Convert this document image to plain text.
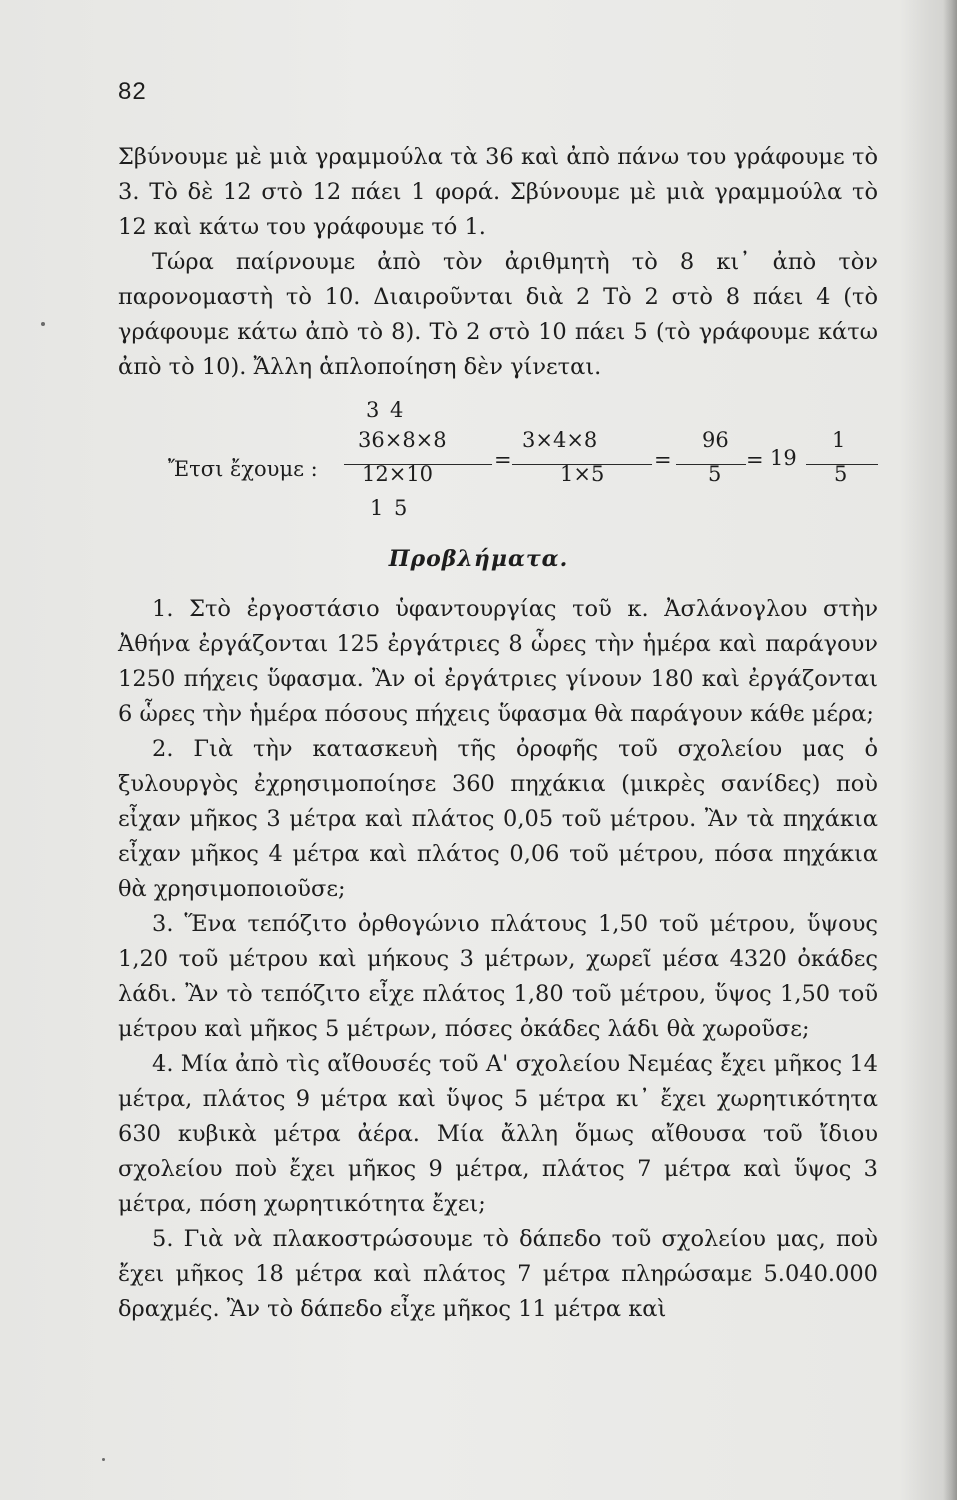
82

Σβύνουμε μὲ μιὰ γραμμούλα τὰ 36 καὶ ἀπὸ πάνω του γράφουμε τὸ 3. Τὸ δὲ 12 στὸ 12 πάει 1 φορά. Σβύνουμε μὲ μιὰ γραμμούλα τὸ 12 καὶ κάτω του γράφουμε τό 1.

Τώρα παίρνουμε ἀπὸ τὸν ἀριθμητὴ τὸ 8 κι᾽ ἀπὸ τὸν παρονομαστὴ τὸ 10. Διαιροῦνται διὰ 2 Τὸ 2 στὸ 8 πάει 4 (τὸ γράφουμε κάτω ἀπὸ τὸ 8). Τὸ 2 στὸ 10 πάει 5 (τὸ γράφουμε κάτω ἀπὸ τὸ 10). Ἄλλη ἁπλοποίηση δὲν γίνεται.

Ἔτσι ἔχουμε :
3 4
36×8×8
12×10
1 5
=
3×4×8
1×5
=
96
5
= 19
1
5
Προβλήματα.

1. Στὸ ἐργοστάσιο ὑφαντουργίας τοῦ κ. Ἀσλάνογλου στὴν Ἀθήνα ἐργάζονται 125 ἐργάτριες 8 ὧρες τὴν ἡμέρα καὶ παράγουν 1250 πήχεις ὕφασμα. Ἂν οἱ ἐργάτριες γίνουν 180 καὶ ἐργάζονται 6 ὧρες τὴν ἡμέρα πόσους πήχεις ὕφασμα θὰ παράγουν κάθε μέρα;

2. Γιὰ τὴν κατασκευὴ τῆς ὀροφῆς τοῦ σχολείου μας ὁ ξυλουργὸς ἐχρησιμοποίησε 360 πηχάκια (μικρὲς σανίδες) ποὺ εἶχαν μῆκος 3 μέτρα καὶ πλάτος 0,05 τοῦ μέτρου. Ἂν τὰ πηχάκια εἶχαν μῆκος 4 μέτρα καὶ πλάτος 0,06 τοῦ μέτρου, πόσα πηχάκια θὰ χρησιμοποιοῦσε;

3. Ἕνα τεπόζιτο ὀρθογώνιο πλάτους 1,50 τοῦ μέτρου, ὕψους 1,20 τοῦ μέτρου καὶ μήκους 3 μέτρων, χωρεῖ μέσα 4320 ὀκάδες λάδι. Ἂν τὸ τεπόζιτο εἶχε πλάτος 1,80 τοῦ μέτρου, ὕψος 1,50 τοῦ μέτρου καὶ μῆκος 5 μέτρων, πόσες ὀκάδες λάδι θὰ χωροῦσε;

4. Μία ἀπὸ τὶς αἴθουσές τοῦ Α' σχολείου Νεμέας ἔχει μῆκος 14 μέτρα, πλάτος 9 μέτρα καὶ ὕψος 5 μέτρα κι᾽ ἔχει χωρητικότητα 630 κυβικὰ μέτρα ἀέρα. Μία ἄλλη ὅμως αἴθουσα τοῦ ἴδιου σχολείου ποὺ ἔχει μῆκος 9 μέτρα, πλάτος 7 μέτρα καὶ ὕψος 3 μέτρα, πόση χωρητικότητα ἔχει;

5. Γιὰ νὰ πλακοστρώσουμε τὸ δάπεδο τοῦ σχολείου μας, ποὺ ἔχει μῆκος 18 μέτρα καὶ πλάτος 7 μέτρα πληρώσαμε 5.040.000 δραχμές. Ἂν τὸ δάπεδο εἶχε μῆκος 11 μέτρα καὶ
